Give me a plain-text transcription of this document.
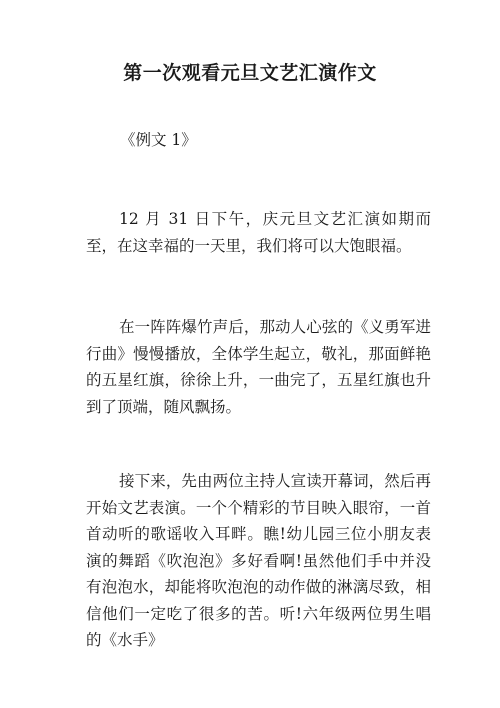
第一次观看元旦文艺汇演作文
《例文 1》

12 月 31 日下午，庆元旦文艺汇演如期而至，在这幸福的一天里，我们将可以大饱眼福。

在一阵阵爆竹声后，那动人心弦的《义勇军进行曲》慢慢播放，全体学生起立，敬礼，那面鲜艳的五星红旗，徐徐上升，一曲完了，五星红旗也升到了顶端，随风飘扬。

接下来，先由两位主持人宣读开幕词，然后再开始文艺表演。一个个精彩的节目映入眼帘，一首首动听的歌谣收入耳畔。瞧!幼儿园三位小朋友表演的舞蹈《吹泡泡》多好看啊!虽然他们手中并没有泡泡水，却能将吹泡泡的动作做的淋漓尽致，相信他们一定吃了很多的苦。听!六年级两位男生唱的《水手》
